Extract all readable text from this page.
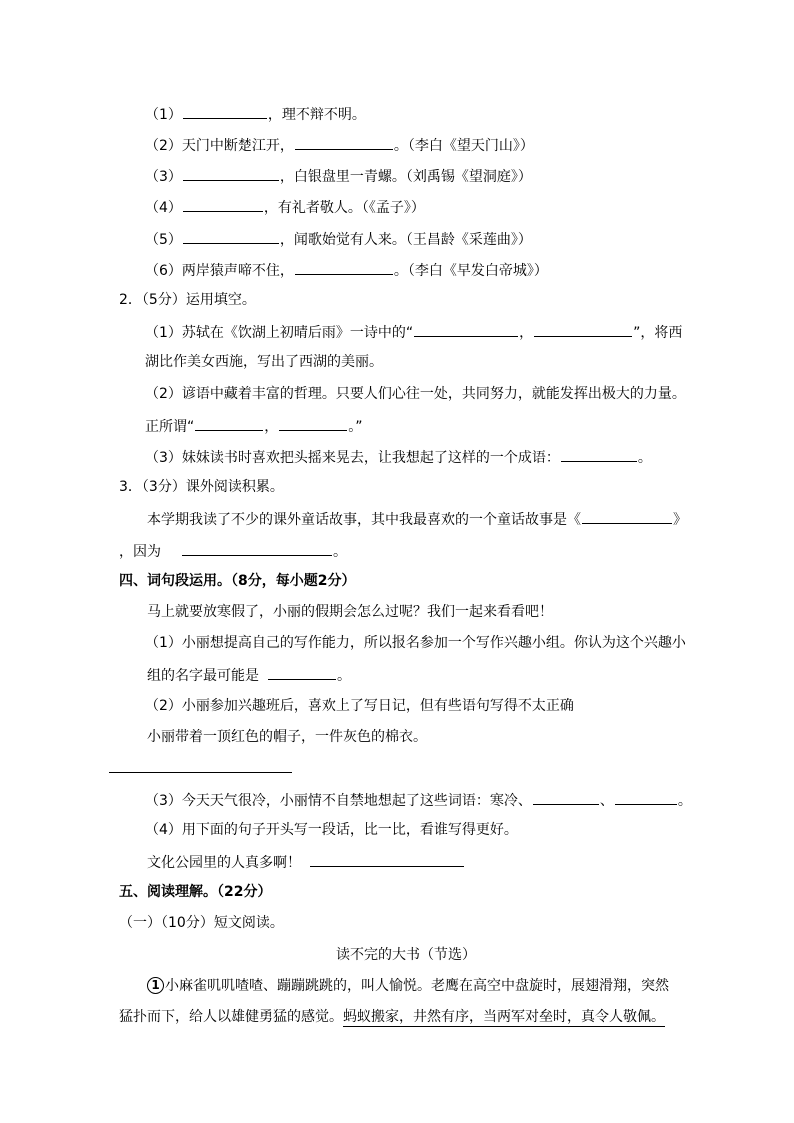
（1）	，理不辩不明。
（2）天门中断楚江开，	。（李白《望天门山》）
（3）	，白银盘里一青螺。（刘禹锡《望洞庭》）
（4）	，有礼者敬人。（《孟子》）
（5）	，闻歌始觉有人来。（王昌龄《采莲曲》）
（6）两岸猿声啼不住，	。（李白《早发白帝城》）
2．（5分）运用填空。
（1）苏轼在《饮湖上初晴后雨》一诗中的“	，	”，将西
湖比作美女西施，写出了西湖的美丽。
（2）谚语中藏着丰富的哲理。只要人们心往一处，共同努力，就能发挥出极大的力量。
正所谓“	，	。”
（3）妹妹读书时喜欢把头摇来晃去，让我想起了这样的一个成语：	。
3．（3分）课外阅读积累。
本学期我读了不少的课外童话故事，其中我最喜欢的一个童话故事是《	》
，因为	。
四、词句段运用。（8分，每小题2分）
马上就要放寒假了，小丽的假期会怎么过呢？我们一起来看看吧！
（1）小丽想提高自己的写作能力，所以报名参加一个写作兴趣小组。你认为这个兴趣小
组的名字最可能是	。
（2）小丽参加兴趣班后，喜欢上了写日记，但有些语句写得不太正确
小丽带着一顶红色的帽子，一件灰色的棉衣。
（3）今天天气很冷，小丽情不自禁地想起了这些词语：寒冷、	、	。
（4）用下面的句子开头写一段话，比一比，看谁写得更好。
文化公园里的人真多啊！
五、阅读理解。（22分）
（一）（10分）短文阅读。
读不完的大书（节选）
1 小麻雀叽叽喳喳、蹦蹦跳跳的，叫人愉悦。老鹰在高空中盘旋时，展翅滑翔，突然
猛扑而下，给人以雄健勇猛的感觉。蚂蚁搬家，井然有序，当两军对垒时，真令人敬佩。
